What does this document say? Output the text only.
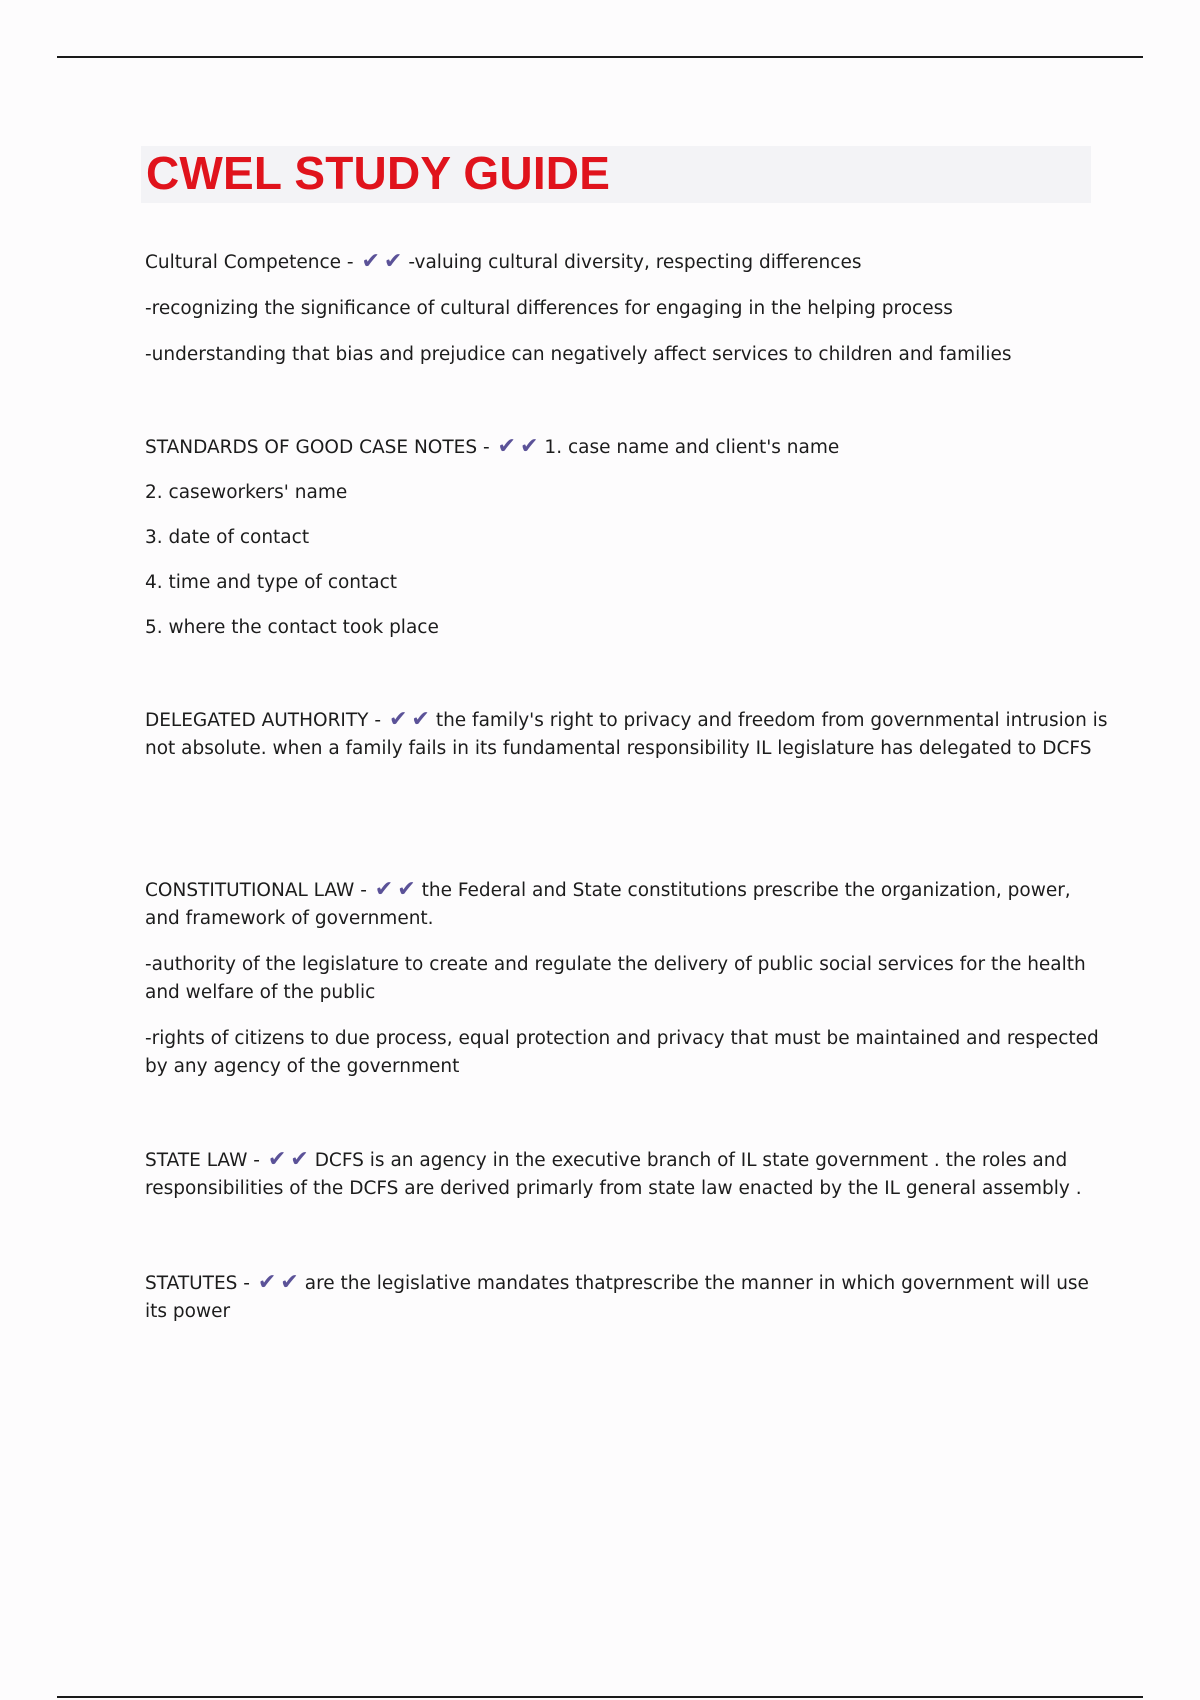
CWEL STUDY GUIDE

Cultural Competence - ✔ ✔ -valuing cultural diversity, respecting differences

-recognizing the significance of cultural differences for engaging in the helping process

-understanding that bias and prejudice can negatively affect services to children and families

STANDARDS OF GOOD CASE NOTES - ✔ ✔ 1. case name and client's name

2. caseworkers' name

3. date of contact

4. time and type of contact

5. where the contact took place

DELEGATED AUTHORITY - ✔ ✔ the family's right to privacy and freedom from governmental intrusion is

not absolute. when a family fails in its fundamental responsibility IL legislature has delegated to DCFS

CONSTITUTIONAL LAW - ✔ ✔ the Federal and State constitutions prescribe the organization, power,

and framework of government.

-authority of the legislature to create and regulate the delivery of public social services for the health

and welfare of the public

-rights of citizens to due process, equal protection and privacy that must be maintained and respected

by any agency of the government

STATE LAW - ✔ ✔ DCFS is an agency in the executive branch of IL state government . the roles and

responsibilities of the DCFS are derived primarly from state law enacted by the IL general assembly .

STATUTES - ✔ ✔ are the legislative mandates thatprescribe the manner in which government will use

its power
